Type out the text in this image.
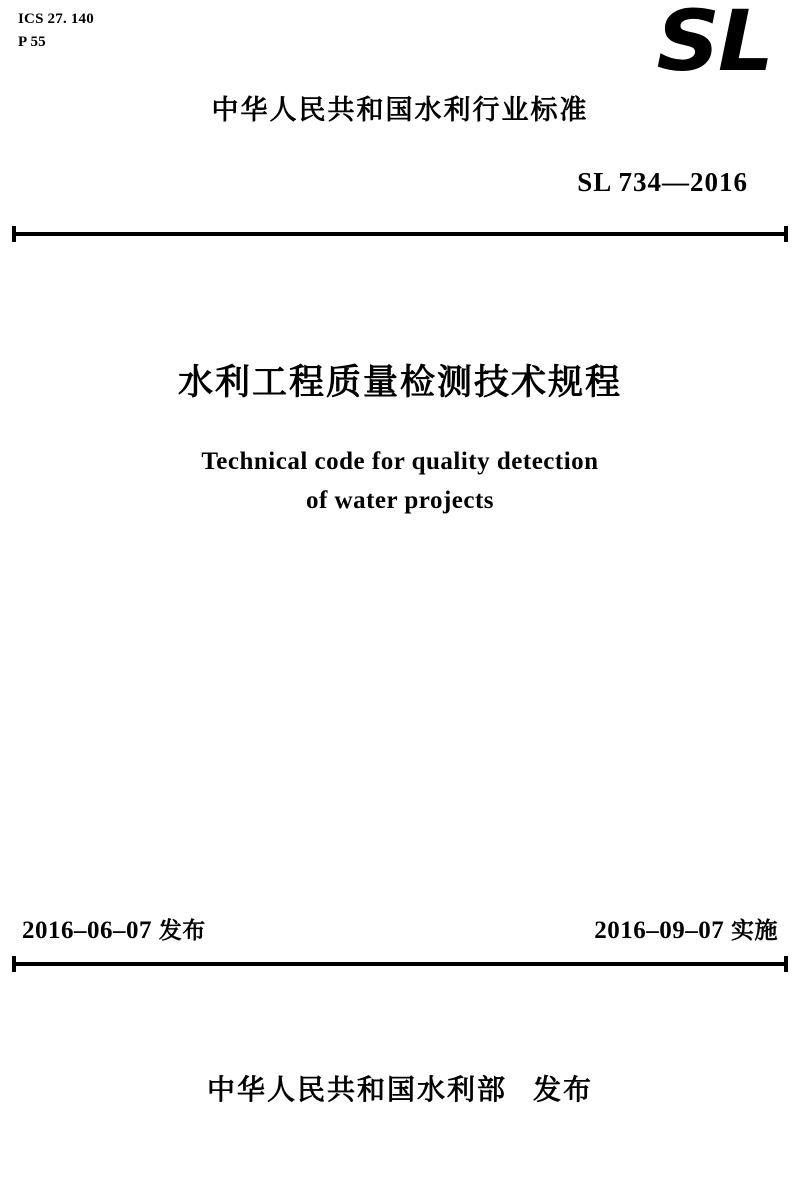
ICS 27. 140
P 55	SL
中华人民共和国水利行业标准
SL 734—2016
水利工程质量检测技术规程
Technical code for quality detection
of water projects
2016–06–07 发布	2016–09–07 实施
中华人民共和国水利部 发布
